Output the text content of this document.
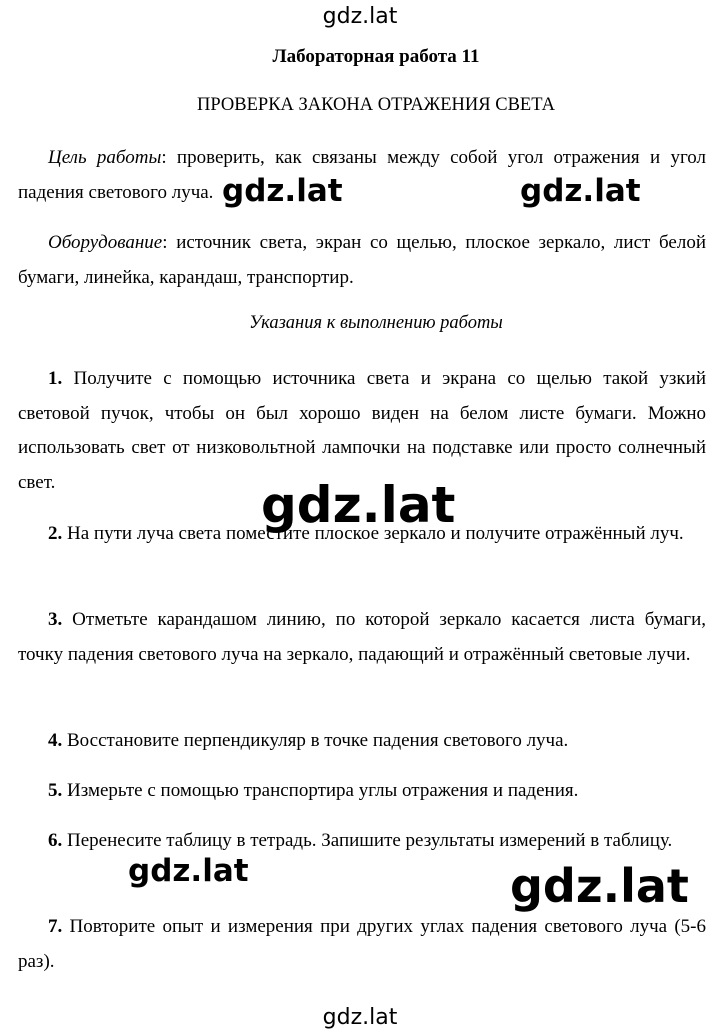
gdz.lat
Лабораторная работа 11
ПРОВЕРКА ЗАКОНА ОТРАЖЕНИЯ СВЕТА
Цель работы: проверить, как связаны между собой угол отражения и угол падения светового луча.
Оборудование: источник света, экран со щелью, плоское зеркало, лист белой бумаги, линейка, карандаш, транспортир.
Указания к выполнению работы
1. Получите с помощью источника света и экрана со щелью такой узкий световой пучок, чтобы он был хорошо виден на белом листе бумаги. Можно использовать свет от низковольтной лампочки на подставке или просто солнечный свет.
2. На пути луча света поместите плоское зеркало и получите отражённый луч.
3. Отметьте карандашом линию, по которой зеркало касается листа бумаги, точку падения светового луча на зеркало, падающий и отражённый световые лучи.
4. Восстановите перпендикуляр в точке падения светового луча.
5. Измерьте с помощью транспортира углы отражения и падения.
6. Перенесите таблицу в тетрадь. Запишите результаты измерений в таблицу.
7. Повторите опыт и измерения при других углах падения светового луча (5-6 раз).
gdz.lat	gdz.lat
gdz.lat
gdz.lat	gdz.lat
gdz.lat
